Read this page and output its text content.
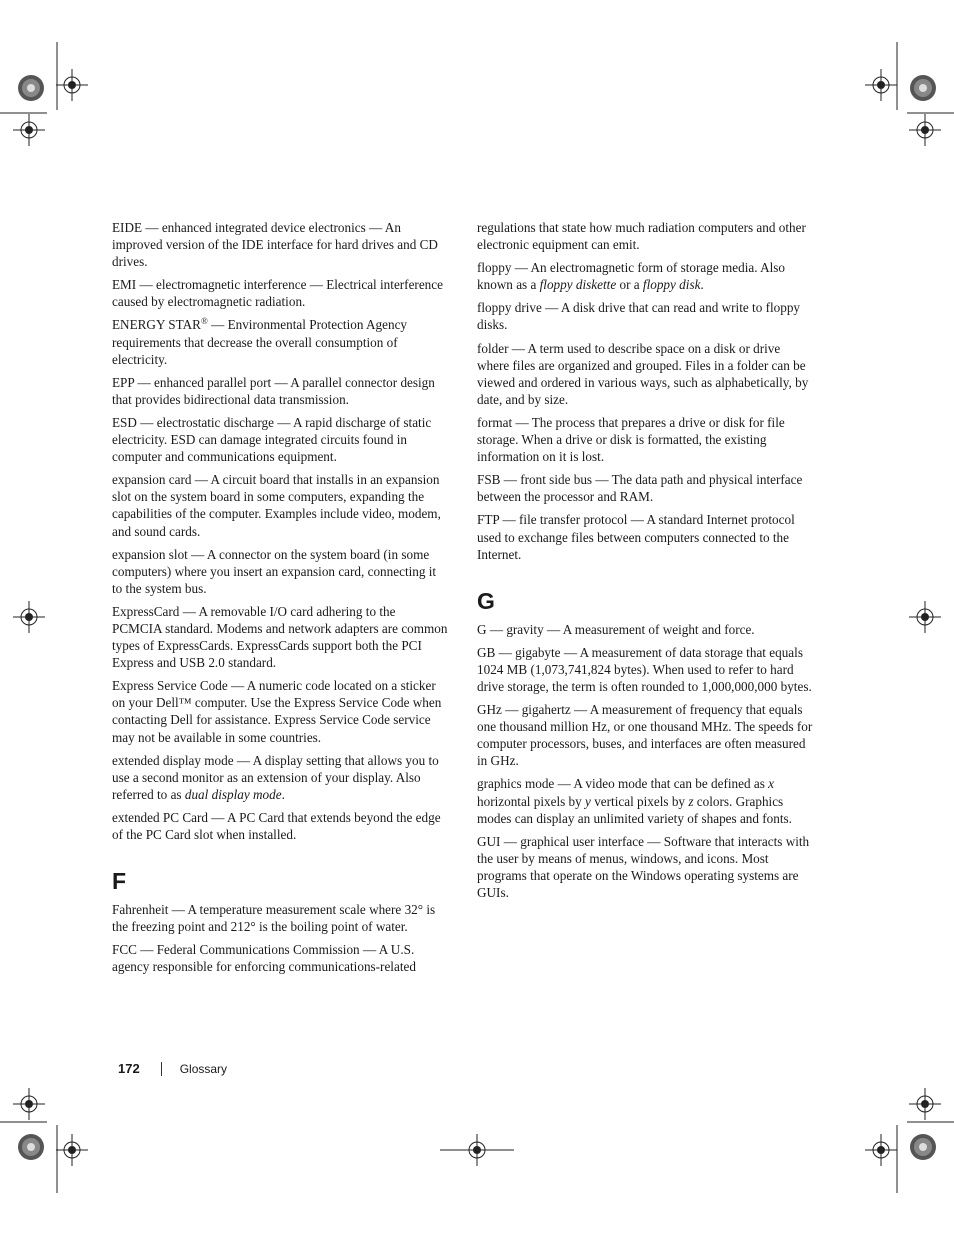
EIDE — enhanced integrated device electronics — An improved version of the IDE interface for hard drives and CD drives.

EMI — electromagnetic interference — Electrical interference caused by electromagnetic radiation.

ENERGY STAR® — Environmental Protection Agency requirements that decrease the overall consumption of electricity.

EPP — enhanced parallel port — A parallel connector design that provides bidirectional data transmission.

ESD — electrostatic discharge — A rapid discharge of static electricity. ESD can damage integrated circuits found in computer and communications equipment.

expansion card — A circuit board that installs in an expansion slot on the system board in some computers, expanding the capabilities of the computer. Examples include video, modem, and sound cards.

expansion slot — A connector on the system board (in some computers) where you insert an expansion card, connecting it to the system bus.

ExpressCard — A removable I/O card adhering to the PCMCIA standard. Modems and network adapters are common types of ExpressCards. ExpressCards support both the PCI Express and USB 2.0 standard.

Express Service Code — A numeric code located on a sticker on your Dell™ computer. Use the Express Service Code when contacting Dell for assistance. Express Service Code service may not be available in some countries.

extended display mode — A display setting that allows you to use a second monitor as an extension of your display. Also referred to as dual display mode.

extended PC Card — A PC Card that extends beyond the edge of the PC Card slot when installed.

F

Fahrenheit — A temperature measurement scale where 32° is the freezing point and 212° is the boiling point of water.

FCC — Federal Communications Commission — A U.S. agency responsible for enforcing communications-related

regulations that state how much radiation computers and other electronic equipment can emit.

floppy — An electromagnetic form of storage media. Also known as a floppy diskette or a floppy disk.

floppy drive — A disk drive that can read and write to floppy disks.

folder — A term used to describe space on a disk or drive where files are organized and grouped. Files in a folder can be viewed and ordered in various ways, such as alphabetically, by date, and by size.

format — The process that prepares a drive or disk for file storage. When a drive or disk is formatted, the existing information on it is lost.

FSB — front side bus — The data path and physical interface between the processor and RAM.

FTP — file transfer protocol — A standard Internet protocol used to exchange files between computers connected to the Internet.

G

G — gravity — A measurement of weight and force.

GB — gigabyte — A measurement of data storage that equals 1024 MB (1,073,741,824 bytes). When used to refer to hard drive storage, the term is often rounded to 1,000,000,000 bytes.

GHz — gigahertz — A measurement of frequency that equals one thousand million Hz, or one thousand MHz. The speeds for computer processors, buses, and interfaces are often measured in GHz.

graphics mode — A video mode that can be defined as x horizontal pixels by y vertical pixels by z colors. Graphics modes can display an unlimited variety of shapes and fonts.

GUI — graphical user interface — Software that interacts with the user by means of menus, windows, and icons. Most programs that operate on the Windows operating systems are GUIs.

172	Glossary
